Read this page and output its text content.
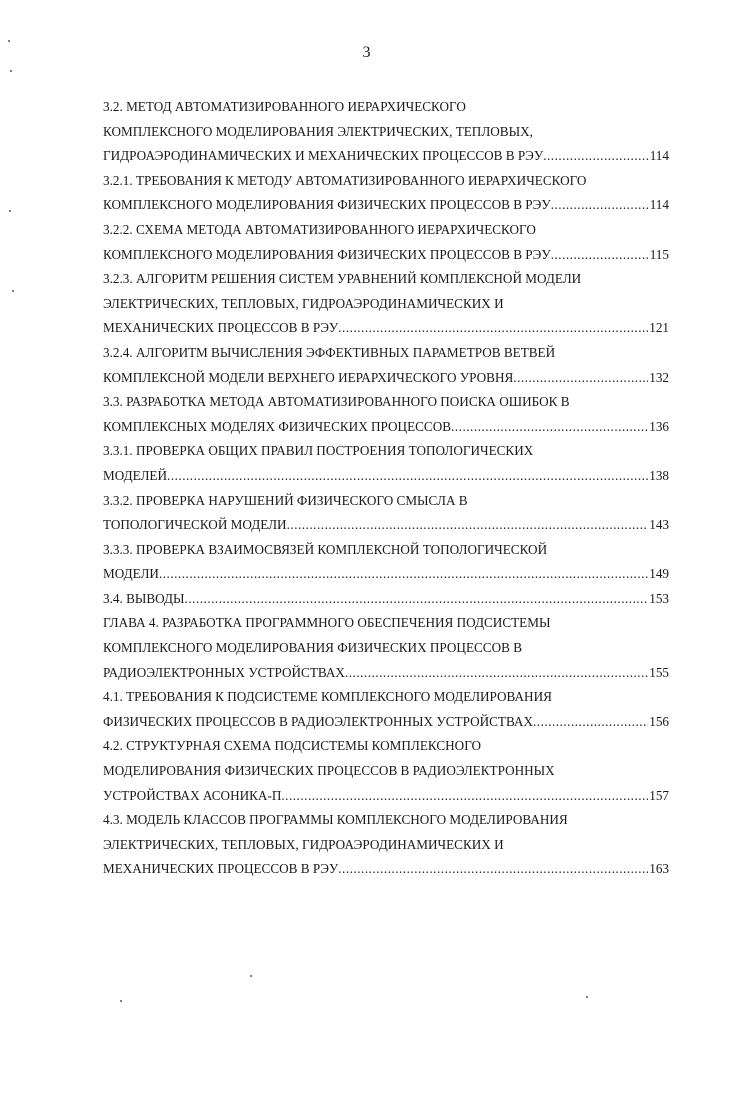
3
3.2. МЕТОД АВТОМАТИЗИРОВАННОГО ИЕРАРХИЧЕСКОГО
КОМПЛЕКСНОГО МОДЕЛИРОВАНИЯ ЭЛЕКТРИЧЕСКИХ, ТЕПЛОВЫХ,
ГИДРОАЭРОДИНАМИЧЕСКИХ И МЕХАНИЧЕСКИХ ПРОЦЕССОВ В РЭУ .....	114
3.2.1. ТРЕБОВАНИЯ К МЕТОДУ АВТОМАТИЗИРОВАННОГО ИЕРАРХИЧЕСКОГО
КОМПЛЕКСНОГО МОДЕЛИРОВАНИЯ ФИЗИЧЕСКИХ ПРОЦЕССОВ В РЭУ .....	114
3.2.2. СХЕМА МЕТОДА АВТОМАТИЗИРОВАННОГО ИЕРАРХИЧЕСКОГО
КОМПЛЕКСНОГО МОДЕЛИРОВАНИЯ ФИЗИЧЕСКИХ ПРОЦЕССОВ В РЭУ .....	115
3.2.3. АЛГОРИТМ РЕШЕНИЯ СИСТЕМ УРАВНЕНИЙ КОМПЛЕКСНОЙ МОДЕЛИ
ЭЛЕКТРИЧЕСКИХ, ТЕПЛОВЫХ, ГИДРОАЭРОДИНАМИЧЕСКИХ И
МЕХАНИЧЕСКИХ ПРОЦЕССОВ В РЭУ .....	121
3.2.4. АЛГОРИТМ ВЫЧИСЛЕНИЯ ЭФФЕКТИВНЫХ ПАРАМЕТРОВ ВЕТВЕЙ
КОМПЛЕКСНОЙ МОДЕЛИ ВЕРХНЕГО ИЕРАРХИЧЕСКОГО УРОВНЯ .....	132
3.3. РАЗРАБОТКА МЕТОДА АВТОМАТИЗИРОВАННОГО ПОИСКА ОШИБОК В
КОМПЛЕКСНЫХ МОДЕЛЯХ ФИЗИЧЕСКИХ ПРОЦЕССОВ .....	136
3.3.1. ПРОВЕРКА ОБЩИХ ПРАВИЛ ПОСТРОЕНИЯ ТОПОЛОГИЧЕСКИХ
МОДЕЛЕЙ .....	138
3.3.2. ПРОВЕРКА НАРУШЕНИЙ ФИЗИЧЕСКОГО СМЫСЛА В
ТОПОЛОГИЧЕСКОЙ МОДЕЛИ .....	143
3.3.3. ПРОВЕРКА ВЗАИМОСВЯЗЕЙ КОМПЛЕКСНОЙ ТОПОЛОГИЧЕСКОЙ
МОДЕЛИ .....	149
3.4. ВЫВОДЫ .....	153
ГЛАВА 4. РАЗРАБОТКА ПРОГРАММНОГО ОБЕСПЕЧЕНИЯ ПОДСИСТЕМЫ
КОМПЛЕКСНОГО МОДЕЛИРОВАНИЯ ФИЗИЧЕСКИХ ПРОЦЕССОВ В
РАДИОЭЛЕКТРОННЫХ УСТРОЙСТВАХ .....	155
4.1. ТРЕБОВАНИЯ К ПОДСИСТЕМЕ КОМПЛЕКСНОГО МОДЕЛИРОВАНИЯ
ФИЗИЧЕСКИХ ПРОЦЕССОВ В РАДИОЭЛЕКТРОННЫХ УСТРОЙСТВАХ .....	156
4.2. СТРУКТУРНАЯ СХЕМА ПОДСИСТЕМЫ КОМПЛЕКСНОГО
МОДЕЛИРОВАНИЯ ФИЗИЧЕСКИХ ПРОЦЕССОВ В РАДИОЭЛЕКТРОННЫХ
УСТРОЙСТВАХ АСОНИКА-П .....	157
4.3. МОДЕЛЬ КЛАССОВ ПРОГРАММЫ КОМПЛЕКСНОГО МОДЕЛИРОВАНИЯ
ЭЛЕКТРИЧЕСКИХ, ТЕПЛОВЫХ, ГИДРОАЭРОДИНАМИЧЕСКИХ И
МЕХАНИЧЕСКИХ ПРОЦЕССОВ В РЭУ .....	163
